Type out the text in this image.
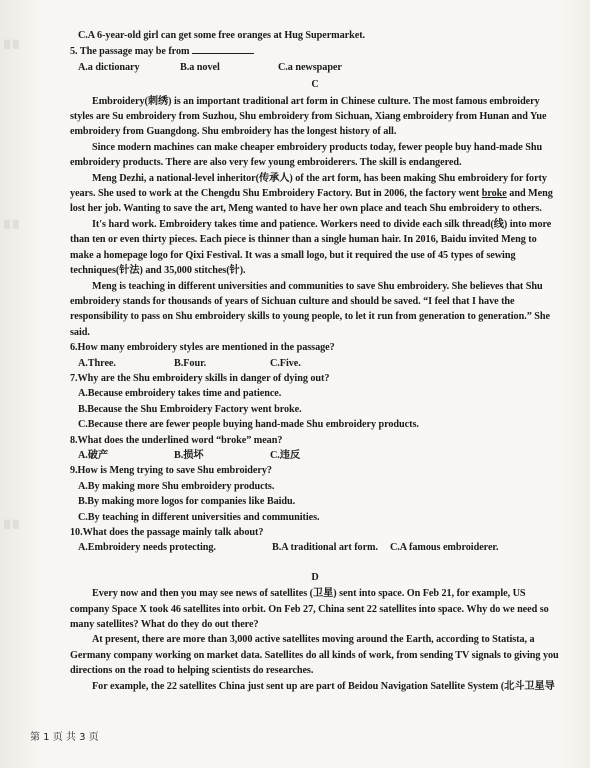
▒ ▒
▒ ▒
▒ ▒

C.A 6-year-old girl can get some free oranges at Hug Supermarket.

5. The passage may be from

A.a dictionary	B.a novel	C.a newspaper

C

Embroidery(刺绣) is an important traditional art form in Chinese culture. The most famous embroidery styles are Su embroidery from Suzhou, Shu embroidery from Sichuan, Xiang embroidery from Hunan and Yue embroidery from Guangdong. Shu embroidery has the longest history of all.

Since modern machines can make cheaper embroidery products today, fewer people buy hand-made Shu embroidery products. There are also very few young embroiderers. The skill is endangered.

Meng Dezhi, a national-level inheritor(传承人) of the art form, has been making Shu embroidery for forty years. She used to work at the Chengdu Shu Embroidery Factory. But in 2006, the factory went broke and Meng lost her job. Wanting to save the art, Meng wanted to have her own place and teach Shu embroidery to others.

It's hard work. Embroidery takes time and patience. Workers need to divide each silk thread(线) into more than ten or even thirty pieces. Each piece is thinner than a single human hair. In 2016, Baidu invited Meng to make a homepage logo for Qixi Festival. It was a small logo, but it required the use of 45 types of sewing techniques(针法) and 35,000 stitches(针).

Meng is teaching in different universities and communities to save Shu embroidery. She believes that Shu embroidery stands for thousands of years of Sichuan culture and should be saved. “I feel that I have the responsibility to pass on Shu embroidery skills to young people, to let it run from generation to generation.” She said.

6.How many embroidery styles are mentioned in the passage?

A.Three.	B.Four.	C.Five.

7.Why are the Shu embroidery skills in danger of dying out?

A.Because embroidery takes time and patience.

B.Because the Shu Embroidery Factory went broke.

C.Because there are fewer people buying hand-made Shu embroidery products.

8.What does the underlined word “broke” mean?

A.破产	B.损坏	C.违反

9.How is Meng trying to save Shu embroidery?

A.By making more Shu embroidery products.

B.By making more logos for companies like Baidu.

C.By teaching in different universities and communities.

10.What does the passage mainly talk about?

A.Embroidery needs protecting.	B.A traditional art form.	C.A famous embroiderer.

D

Every now and then you may see news of satellites (卫星) sent into space. On Feb 21, for example, US company Space X took 46 satellites into orbit. On Feb 27, China sent 22 satellites into space. Why do we need so many satellites? What do they do out there?

At present, there are more than 3,000 active satellites moving around the Earth, according to Statista, a Germany company working on market data. Satellites do all kinds of work, from sending TV signals to giving you directions on the road to helping scientists do researches.

For example, the 22 satellites China just sent up are part of Beidou Navigation Satellite System (北斗卫星导

第 1 页 共 3 页
